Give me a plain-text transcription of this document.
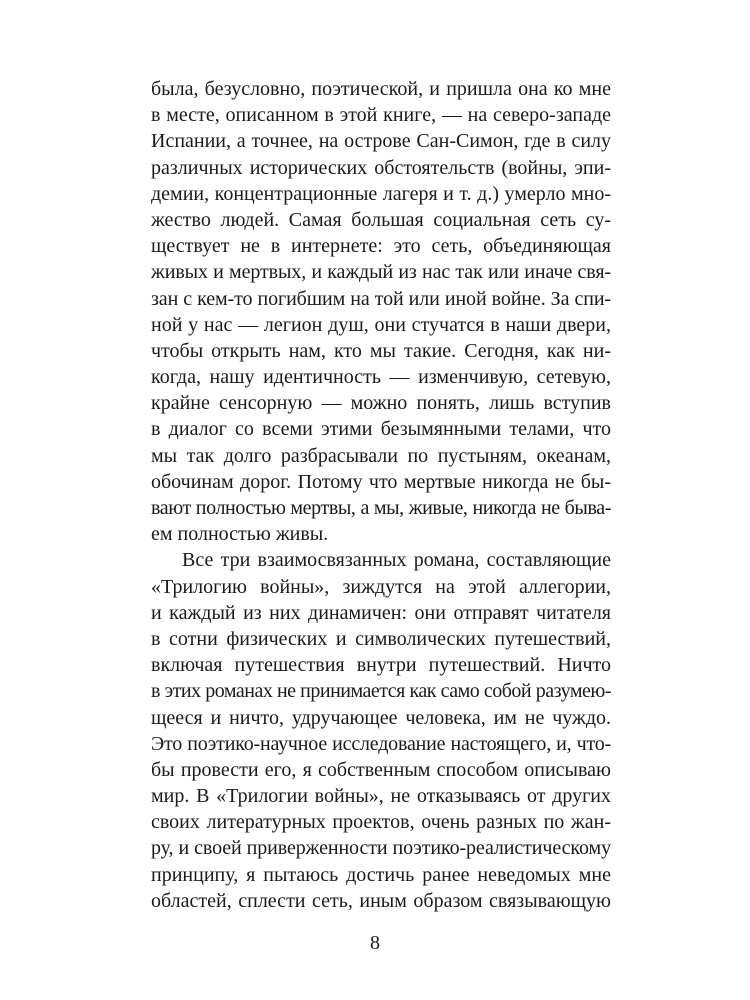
была, безусловно, поэтической, и пришла она ко мне
в месте, описанном в этой книге, — на северо-западе
Испании, а точнее, на острове Сан-Симон, где в силу
различных исторических обстоятельств (войны, эпи-
демии, концентрационные лагеря и т. д.) умерло мно-
жество людей. Самая большая социальная сеть су-
ществует не в интернете: это сеть, объединяющая
живых и мертвых, и каждый из нас так или иначе свя-
зан с кем-то погибшим на той или иной войне. За спи-
ной у нас — легион душ, они стучатся в наши двери,
чтобы открыть нам, кто мы такие. Сегодня, как ни-
когда, нашу идентичность — изменчивую, сетевую,
крайне сенсорную — можно понять, лишь вступив
в диалог со всеми этими безымянными телами, что
мы так долго разбрасывали по пустыням, океанам,
обочинам дорог. Потому что мертвые никогда не бы-
вают полностью мертвы, а мы, живые, никогда не быва-
ем полностью живы.
Все три взаимосвязанных романа, составляющие
«Трилогию войны», зиждутся на этой аллегории,
и каждый из них динамичен: они отправят читателя
в сотни физических и символических путешествий,
включая путешествия внутри путешествий. Ничто
в этих романах не принимается как само собой разумею-
щееся и ничто, удручающее человека, им не чуждо.
Это поэтико-научное исследование настоящего, и, что-
бы провести его, я собственным способом описываю
мир. В «Трилогии войны», не отказываясь от других
своих литературных проектов, очень разных по жан-
ру, и своей приверженности поэтико-реалистическому
принципу, я пытаюсь достичь ранее неведомых мне
областей, сплести сеть, иным образом связывающую
8
